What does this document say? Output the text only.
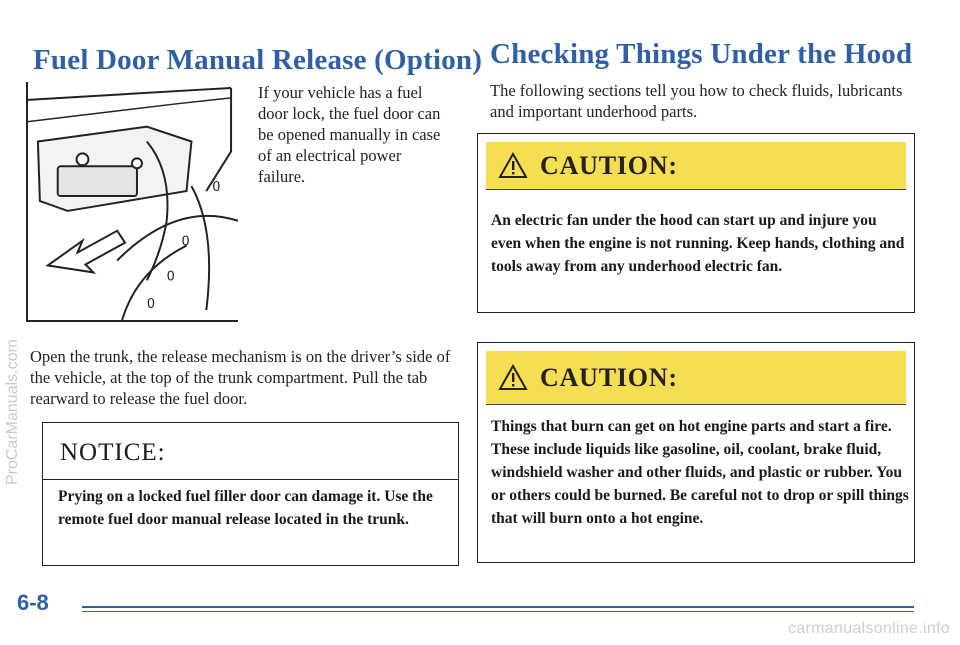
Fuel Door Manual Release (Option)
0
0
0
0

If your vehicle has a fuel door lock, the fuel door can be opened manually in case of an electrical power failure.

Open the trunk, the release mechanism is on the driver’s side of the vehicle, at the top of the trunk compartment. Pull the tab rearward to release the fuel door.

NOTICE:

Prying on a locked fuel filler door can damage it. Use the remote fuel door manual release located in the trunk.

Checking Things Under the Hood

The following sections tell you how to check fluids, lubricants and important underhood parts.

CAUTION:

An electric fan under the hood can start up and injure you even when the engine is not running. Keep hands, clothing and tools away from any underhood electric fan.

CAUTION:

Things that burn can get on hot engine parts and start a fire. These include liquids like gasoline, oil, coolant, brake fluid, windshield washer and other fluids, and plastic or rubber. You or others could be burned. Be careful not to drop or spill things that will burn onto a hot engine.

6-8

ProCarManuals.com

carmanualsonline.info
